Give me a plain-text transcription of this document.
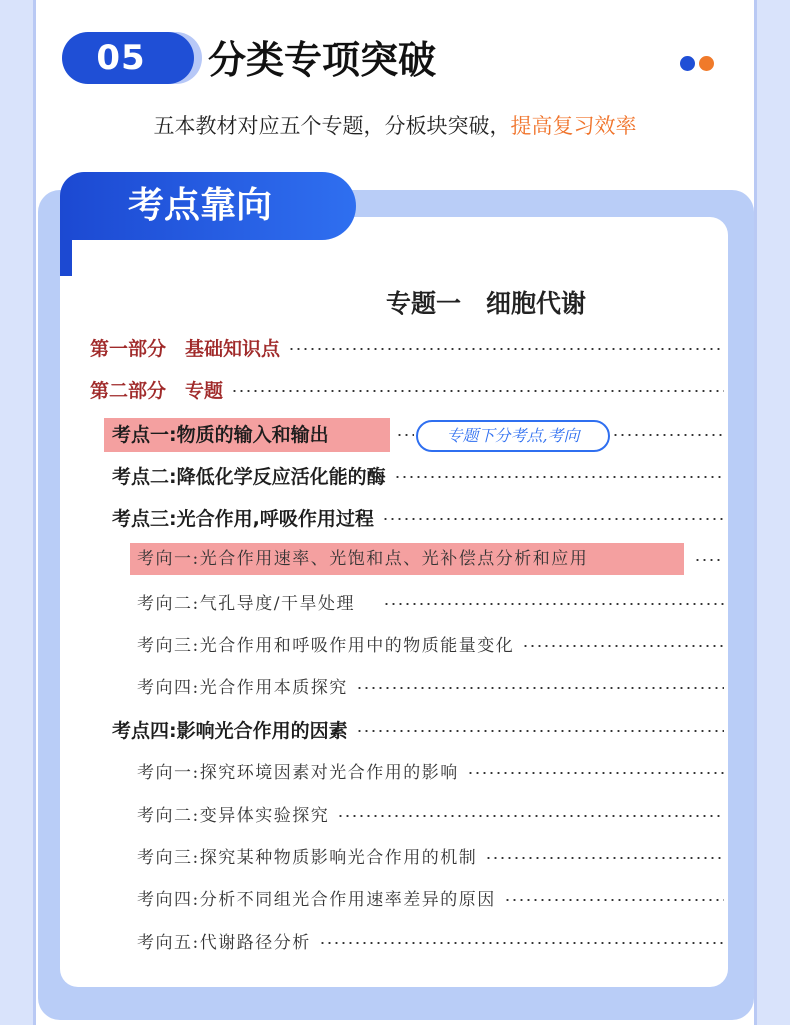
05 分类专项突破
五本教材对应五个专题，分板块突破，提高复习效率
考点靠向
专题一　细胞代谢
第一部分　基础知识点
第二部分　专题
考点一:物质的输入和输出	专题下分考点,考向
考点二:降低化学反应活化能的酶
考点三:光合作用,呼吸作用过程
考向一:光合作用速率、光饱和点、光补偿点分析和应用
考向二:气孔导度/干旱处理
考向三:光合作用和呼吸作用中的物质能量变化
考向四:光合作用本质探究
考点四:影响光合作用的因素
考向一:探究环境因素对光合作用的影响
考向二:变异体实验探究
考向三:探究某种物质影响光合作用的机制
考向四:分析不同组光合作用速率差异的原因
考向五:代谢路径分析
